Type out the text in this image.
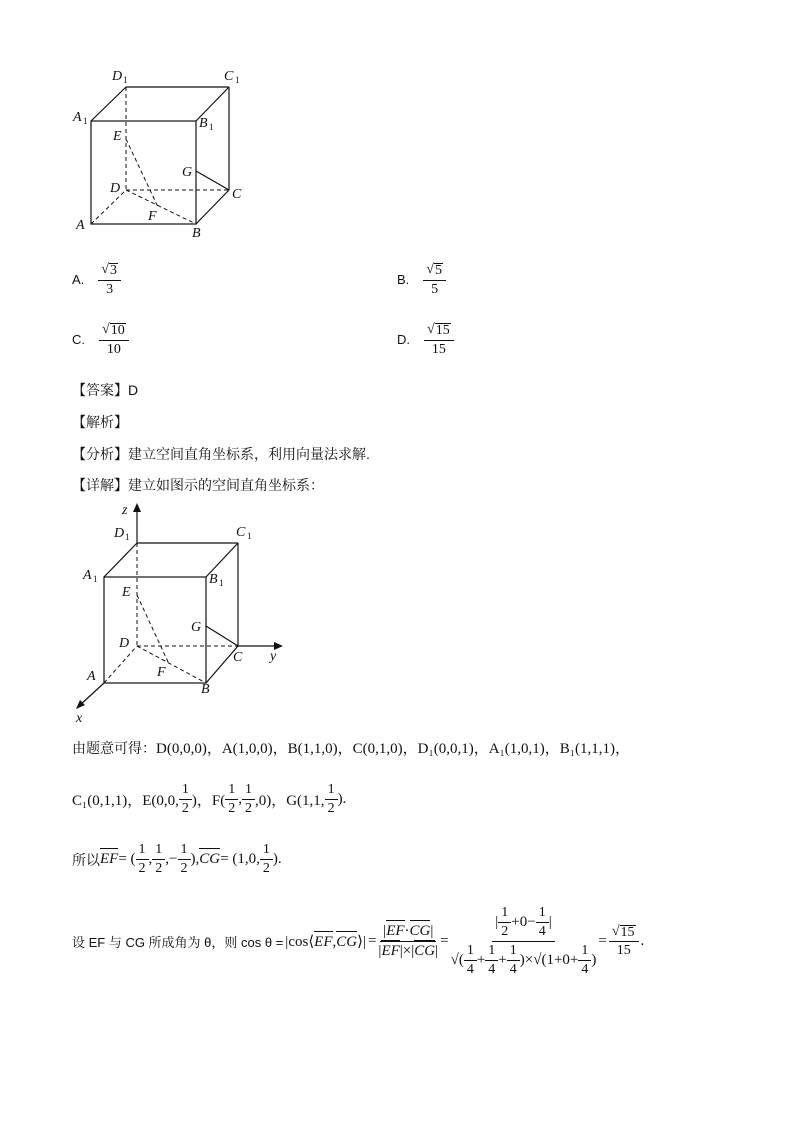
D 1	C 1
A 1	B 1
E
G
D	C
F
A
B
A. $\frac{√ 3}{3}$	B. $\frac{√ 5}{5}$
C. $\frac{√ 10}{10}$	D. $\frac{√ 15}{15}$
【答案】D
【解析】
【分析】建立空间直角坐标系，利用向量法求解.
【详解】建立如图示的空间直角坐标系：
z
y
x
D 1	C 1
A 1	B 1
E
G
D
C
F
A
B
由题意可得：D(0,0,0)，A(1,0,0)，B(1,1,0)，C(0,1,0)，D₁(0,0,1)，A₁(1,0,1)，B₁(1,1,1)，
C₁(0,1,1)，E(0,0, $\frac{1}{2}$ )，$F( \frac{1}{2}$ , $\frac{1}{2} ,0$)，G(1,1, $\frac{1}{2}$ ).
所以 EF = ( $\frac{1}{2}$ , $\frac{1}{2}$ ,− $\frac{1}{2}$ ) , CG = (1,0, $\frac{1}{2}$ ).
设 EF 与 CG 所成角为 θ，则 cos θ = |cos⟨EF,CG⟩| = $\frac{|EF\cdot CG|}{|EF|\times|CG|}$ =
| $\frac{1}{2} +0- \frac{1}{4}$ |
√( $\frac{1}{4} + \frac{1}{4} + \frac{1}{4}$ ) × √( $1+0+ \frac{1}{4}$ )
= $\frac{√ 15}{15}$ .
